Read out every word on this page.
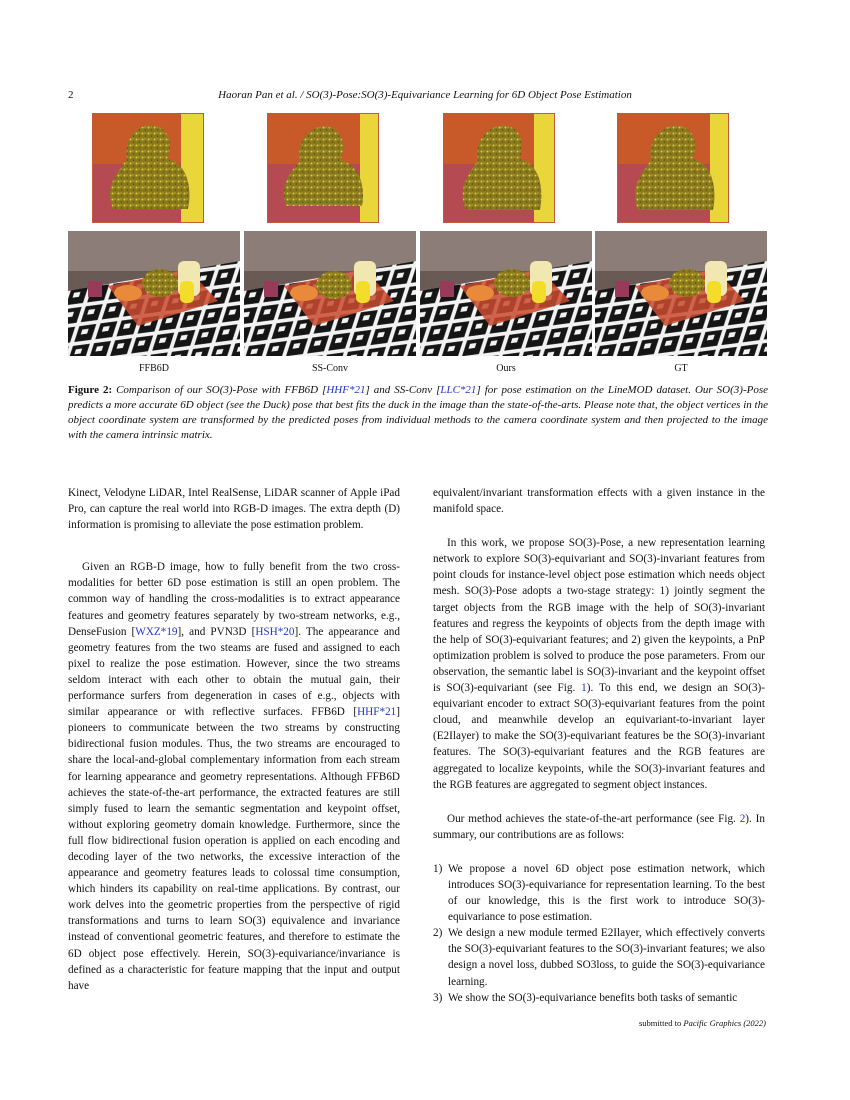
2	Haoran Pan et al. / SO(3)-Pose:SO(3)-Equivariance Learning for 6D Object Pose Estimation
FFB6D	SS-Conv	Ours	GT
Figure 2: Comparison of our SO(3)-Pose with FFB6D [HHF*21] and SS-Conv [LLC*21] for pose estimation on the LineMOD dataset. Our SO(3)-Pose predicts a more accurate 6D object (see the Duck) pose that best fits the duck in the image than the state-of-the-arts. Please note that, the object vertices in the object coordinate system are transformed by the predicted poses from individual methods to the camera coordinate system and then projected to the image with the camera intrinsic matrix.

Kinect, Velodyne LiDAR, Intel RealSense, LiDAR scanner of Apple iPad Pro, can capture the real world into RGB-D images. The extra depth (D) information is promising to alleviate the pose estimation problem.

Given an RGB-D image, how to fully benefit from the two cross-modalities for better 6D pose estimation is still an open problem. The common way of handling the cross-modalities is to extract appearance features and geometry features separately by two-stream networks, e.g., DenseFusion [WXZ*19], and PVN3D [HSH*20]. The appearance and geometry features from the two steams are fused and assigned to each pixel to realize the pose estimation. However, since the two streams seldom interact with each other to obtain the mutual gain, their performance surfers from degeneration in cases of e.g., objects with similar appearance or with reflective surfaces. FFB6D [HHF*21] pioneers to communicate between the two streams by constructing bidirectional fusion modules. Thus, the two streams are encouraged to share the local-and-global complementary information from each stream for learning appearance and geometry representations. Although FFB6D achieves the state-of-the-art performance, the extracted features are still simply fused to learn the semantic segmentation and keypoint offset, without exploring geometry domain knowledge. Furthermore, since the full flow bidirectional fusion operation is applied on each encoding and decoding layer of the two networks, the excessive interaction of the appearance and geometry features leads to colossal time consumption, which hinders its capability on real-time applications. By contrast, our work delves into the geometric properties from the perspective of rigid transformations and turns to learn SO(3) equivalence and invariance instead of conventional geometric features, and therefore to estimate the 6D object pose effectively. Herein, SO(3)-equivariance/invariance is defined as a characteristic for feature mapping that the input and output have

equivalent/invariant transformation effects with a given instance in the manifold space.

In this work, we propose SO(3)-Pose, a new representation learning network to explore SO(3)-equivariant and SO(3)-invariant features from point clouds for instance-level object pose estimation which needs object mesh. SO(3)-Pose adopts a two-stage strategy: 1) jointly segment the target objects from the RGB image with the help of SO(3)-invariant features and regress the keypoints of objects from the depth image with the help of SO(3)-equivariant features; and 2) given the keypoints, a PnP optimization problem is solved to produce the pose parameters. From our observation, the semantic label is SO(3)-invariant and the keypoint offset is SO(3)-equivariant (see Fig. 1). To this end, we design an SO(3)-equivariant encoder to extract SO(3)-equivariant features from the point cloud, and meanwhile develop an equivariant-to-invariant layer (E2Ilayer) to make the SO(3)-equivariant features be the SO(3)-invariant features. The SO(3)-equivariant features and the RGB features are aggregated to localize keypoints, while the SO(3)-invariant features and the RGB features are aggregated to segment object instances.

Our method achieves the state-of-the-art performance (see Fig. 2). In summary, our contributions are as follows:

1) We propose a novel 6D object pose estimation network, which introduces SO(3)-equivariance for representation learning. To the best of our knowledge, this is the first work to introduce SO(3)-equivariance to pose estimation.
2) We design a new module termed E2Ilayer, which effectively converts the SO(3)-equivariant features to the SO(3)-invariant features; we also design a novel loss, dubbed SO3loss, to guide the SO(3)-equivariance learning.
3) We show the SO(3)-equivariance benefits both tasks of semantic
submitted to Pacific Graphics (2022)
